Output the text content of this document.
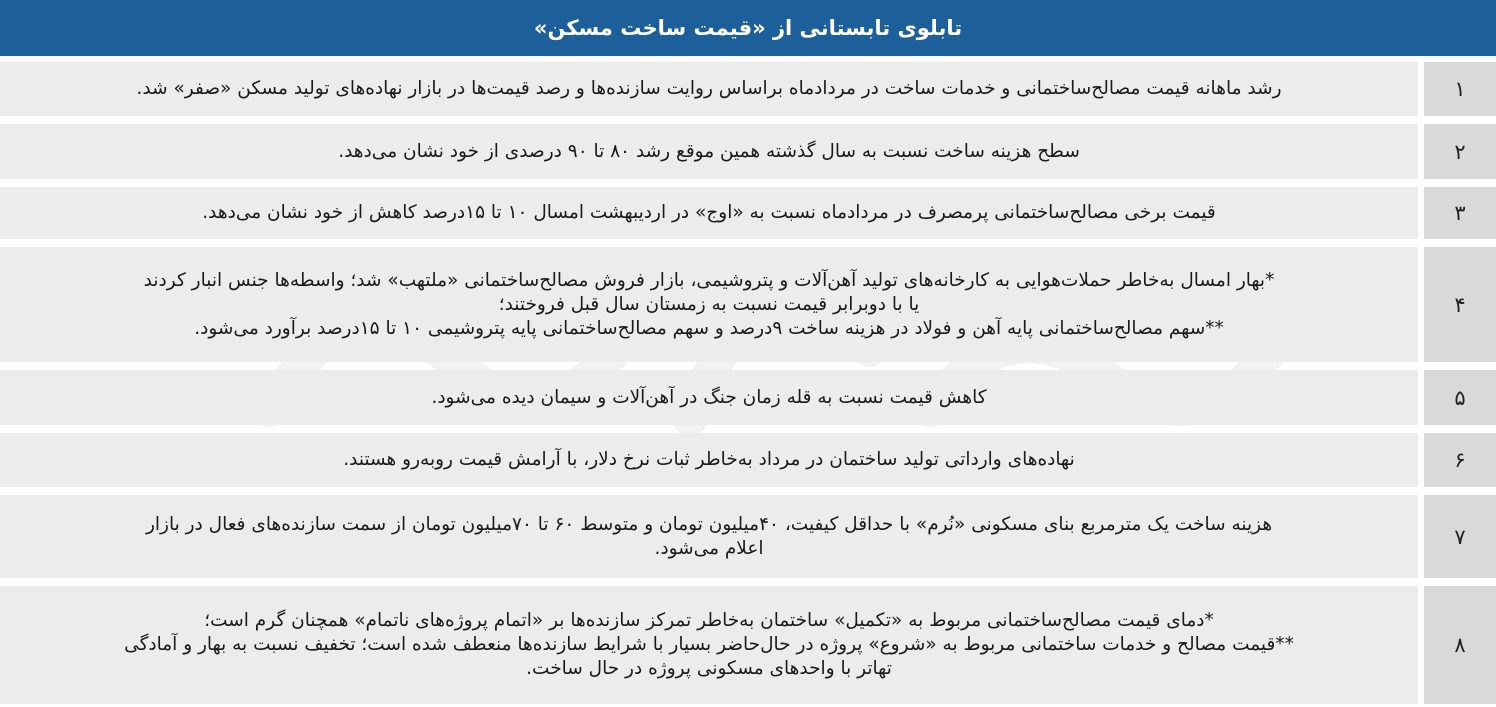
تابلوی تابستانی از «قیمت ساخت مسکن»
۱
رشد ماهانه قیمت مصالح‌ساختمانی و خدمات ساخت در مردادماه براساس روایت سازنده‌ها و رصد قیمت‌ها در بازار نهاده‌های تولید مسکن «صفر» شد.
۲
سطح هزینه ساخت نسبت به سال گذشته همین موقع رشد ۸۰ تا ۹۰ درصدی از خود نشان می‌دهد.
۳
قیمت برخی مصالح‌ساختمانی پرمصرف در مردادماه نسبت به «اوج» در اردیبهشت امسال ۱۰ تا ۱۵درصد کاهش از خود نشان می‌دهد.
۴
*بهار امسال به‌خاطر حملات‌هوایی به کارخانه‌های تولید آهن‌آلات و پتروشیمی، بازار فروش مصالح‌ساختمانی «ملتهب» شد؛ واسطه‌ها جنس انبار کردند
یا با دوبرابر قیمت نسبت به زمستان سال قبل فروختند؛
**سهم مصالح‌ساختمانی پایه آهن و فولاد در هزینه ساخت ۹درصد و سهم مصالح‌ساختمانی پایه پتروشیمی ۱۰ تا ۱۵درصد برآورد می‌شود.
۵
کاهش قیمت نسبت به قله زمان جنگ در آهن‌آلات و سیمان دیده می‌شود.
۶
نهاده‌های وارداتی تولید ساختمان در مرداد به‌خاطر ثبات نرخ دلار، با آرامش قیمت روبه‌رو هستند.
۷
هزینه ساخت یک مترمربع بنای مسکونی «نُرم» با حداقل کیفیت، ۴۰میلیون تومان و متوسط ۶۰ تا ۷۰میلیون تومان از سمت سازنده‌های فعال در بازار
اعلام می‌شود.
۸
*دمای قیمت مصالح‌ساختمانی مربوط به «تکمیل» ساختمان به‌خاطر تمرکز سازنده‌ها بر «اتمام پروژه‌های ناتمام» همچنان گرم است؛
**قیمت مصالح و خدمات ساختمانی مربوط به «شروع» پروژه در حال‌حاضر بسیار با شرایط سازنده‌ها منعطف شده است؛ تخفیف نسبت به بهار و آمادگی
تهاتر با واحدهای مسکونی پروژه در حال ساخت.
